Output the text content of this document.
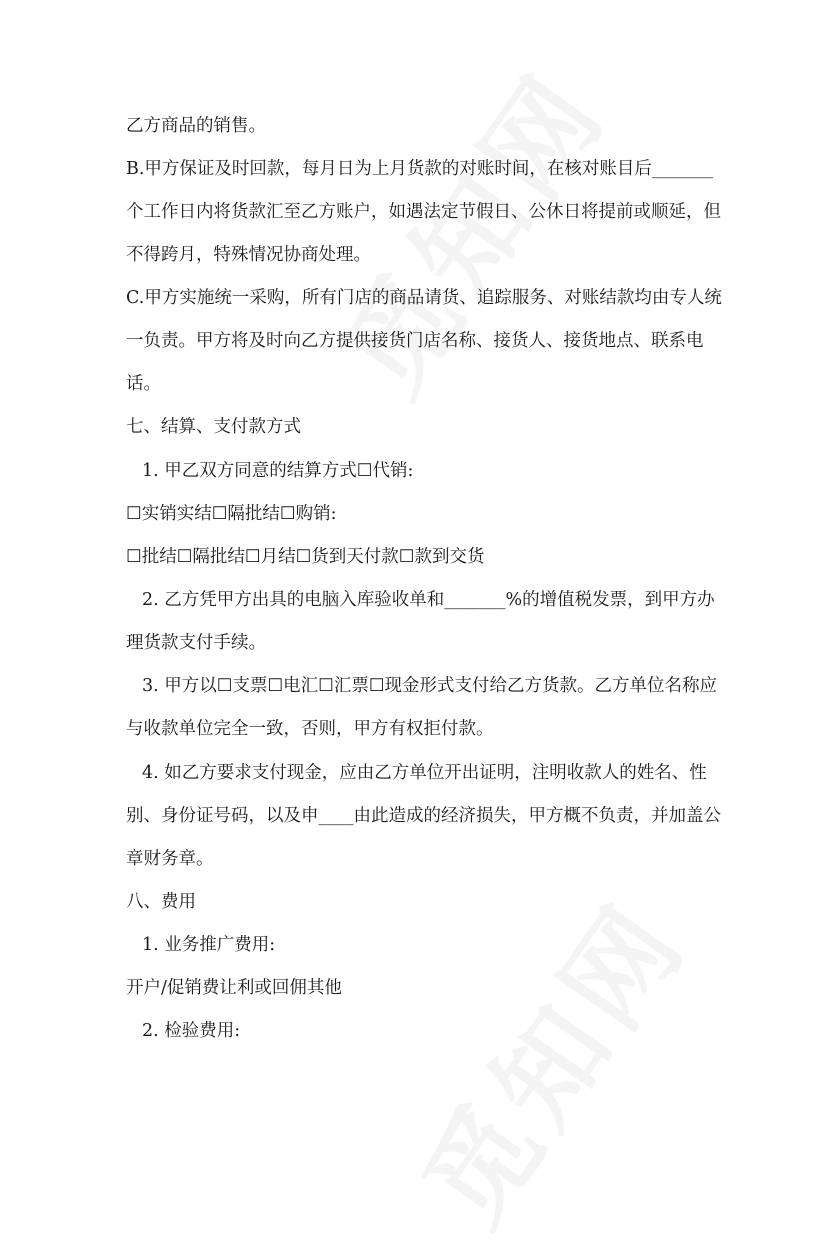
乙方商品的销售。
B.甲方保证及时回款，每月日为上月货款的对账时间，在核对账目后_______
个工作日内将货款汇至乙方账户，如遇法定节假日、公休日将提前或顺延，但
不得跨月，特殊情况协商处理。
C.甲方实施统一采购，所有门店的商品请货、追踪服务、对账结款均由专人统
一负责。甲方将及时向乙方提供接货门店名称、接货人、接货地点、联系电
话。
七、结算、支付款方式
1. 甲乙双方同意的结算方式☐代销:
☐实销实结☐隔批结☐购销:
☐批结☐隔批结☐月结☐货到天付款☐款到交货
2. 乙方凭甲方出具的电脑入库验收单和_______%的增值税发票，到甲方办
理货款支付手续。
3. 甲方以☐支票☐电汇☐汇票☐现金形式支付给乙方货款。乙方单位名称应
与收款单位完全一致，否则，甲方有权拒付款。
4. 如乙方要求支付现金，应由乙方单位开出证明，注明收款人的姓名、性
别、身份证号码，以及申____由此造成的经济损失，甲方概不负责，并加盖公
章财务章。
八、费用
1. 业务推广费用:
开户/促销费让利或回佣其他
2. 检验费用:
